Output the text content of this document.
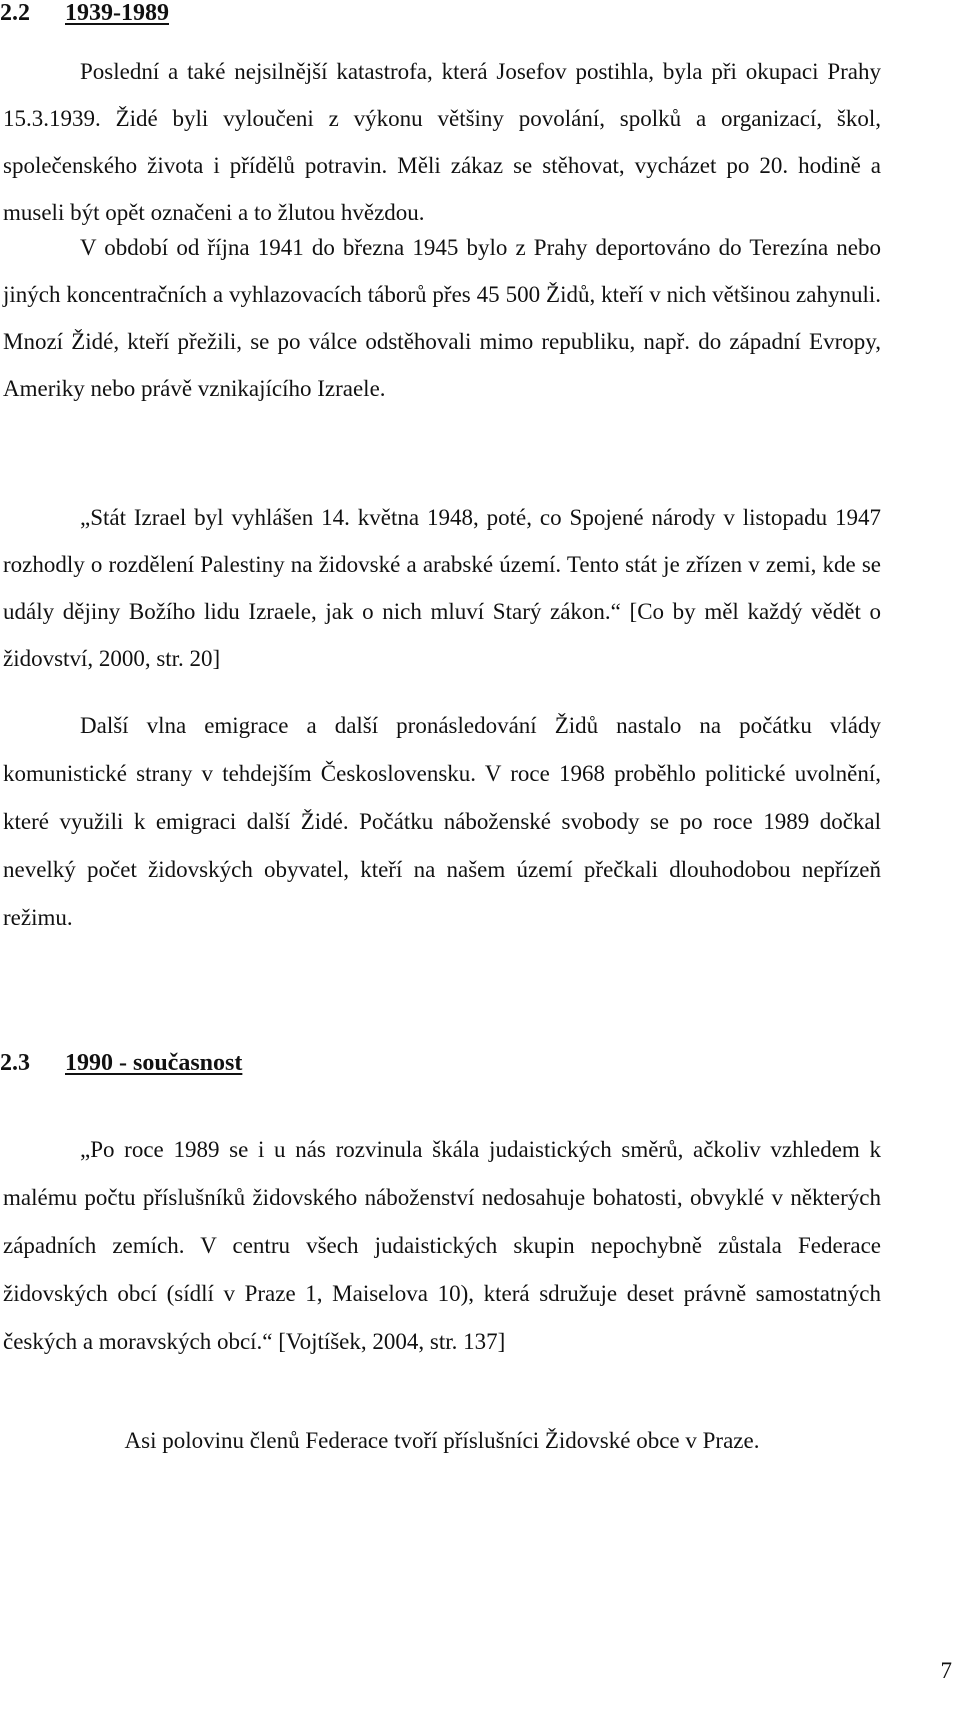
2.2 1939-1989

Poslední a také nejsilnější katastrofa, která Josefov postihla, byla při okupaci Prahy 15.3.1939. Židé byli vyloučeni z výkonu většiny povolání, spolků a organizací, škol, společenského života i přídělů potravin. Měli zákaz se stěhovat, vycházet po 20. hodině a museli být opět označeni a to žlutou hvězdou.

V období od října 1941 do března 1945 bylo z Prahy deportováno do Terezína nebo jiných koncentračních a vyhlazovacích táborů přes 45 500 Židů, kteří v nich většinou zahynuli. Mnozí Židé, kteří přežili, se po válce odstěhovali mimo republiku, např. do západní Evropy, Ameriky nebo právě vznikajícího Izraele.

„Stát Izrael byl vyhlášen 14. května 1948, poté, co Spojené národy v listopadu 1947 rozhodly o rozdělení Palestiny na židovské a arabské území. Tento stát je zřízen v zemi, kde se udály dějiny Božího lidu Izraele, jak o nich mluví Starý zákon.“ [Co by měl každý vědět o židovství, 2000, str. 20]

Další vlna emigrace a další pronásledování Židů nastalo na počátku vlády komunistické strany v tehdejším Československu. V roce 1968 proběhlo politické uvolnění, které využili k emigraci další Židé. Počátku náboženské svobody se po roce 1989 dočkal nevelký počet židovských obyvatel, kteří na našem území přečkali dlouhodobou nepřízeň režimu.

2.3 1990 - současnost

„Po roce 1989 se i u nás rozvinula škála judaistických směrů, ačkoliv vzhledem k malému počtu příslušníků židovského náboženství nedosahuje bohatosti, obvyklé v některých západních zemích. V centru všech judaistických skupin nepochybně zůstala Federace židovských obcí (sídlí v Praze 1, Maiselova 10), která sdružuje deset právně samostatných českých a moravských obcí.“ [Vojtíšek, 2004, str. 137]

Asi polovinu členů Federace tvoří příslušníci Židovské obce v Praze.

7
